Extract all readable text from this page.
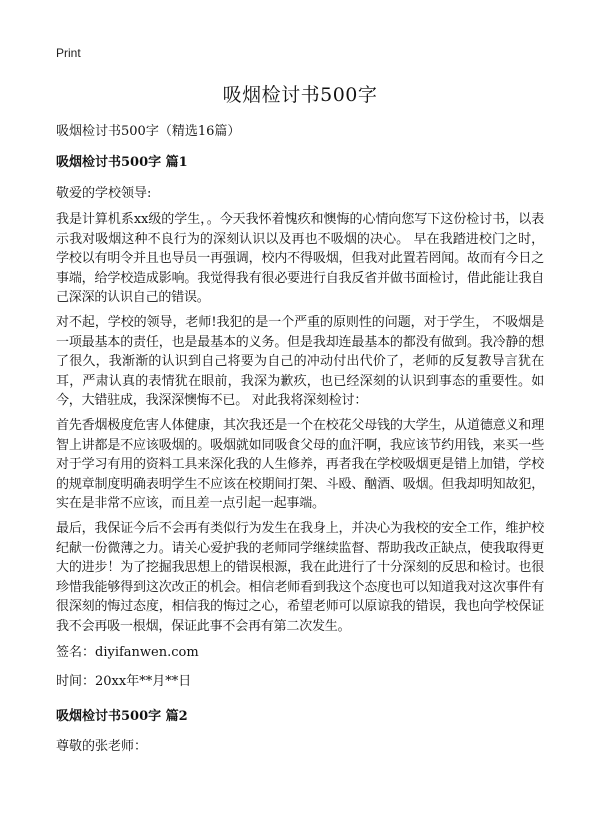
Print
吸烟检讨书500字
吸烟检讨书500字（精选16篇）
吸烟检讨书500字 篇1
敬爱的学校领导:

我是计算机系xx级的学生，。今天我怀着愧疚和懊悔的心情向您写下这份检讨书，以表示我对吸烟这种不良行为的深刻认识以及再也不吸烟的决心。 早在我踏进校门之时，学校以有明令并且也导员一再强调，校内不得吸烟，但我对此置若罔闻。故而有今日之事端，给学校造成影响。我觉得我有很必要进行自我反省并做书面检讨，借此能让我自己深深的认识自己的错误。

对不起，学校的领导，老师!我犯的是一个严重的原则性的问题，对于学生， 不吸烟是一项最基本的责任，也是最基本的义务。但是我却连最基本的都没有做到。我冷静的想了很久，我渐渐的认识到自己将要为自己的冲动付出代价了，老师的反复教导言犹在耳，严肃认真的表情犹在眼前，我深为歉疚，也已经深刻的认识到事态的重要性。如今，大错驻成，我深深懊悔不已。 对此我将深刻检讨：

首先香烟极度危害人体健康，其次我还是一个在校花父母钱的大学生，从道德意义和理智上讲都是不应该吸烟的。吸烟就如同吸食父母的血汗啊，我应该节约用钱，来买一些对于学习有用的资料工具来深化我的人生修养，再者我在学校吸烟更是错上加错，学校的规章制度明确表明学生不应该在校期间打架、斗殴、酗酒、吸烟。但我却明知故犯，实在是非常不应该，而且差一点引起一起事端。

最后，我保证今后不会再有类似行为发生在我身上，并决心为我校的安全工作，维护校纪献一份微薄之力。请关心爱护我的老师同学继续监督、帮助我改正缺点，使我取得更大的进步！为了挖掘我思想上的错误根源，我在此进行了十分深刻的反思和检讨。也很珍惜我能够得到这次改正的机会。相信老师看到我这个态度也可以知道我对这次事件有很深刻的悔过态度，相信我的悔过之心，希望老师可以原谅我的错误，我也向学校保证我不会再吸一根烟，保证此事不会再有第二次发生。

签名：diyifanwen.com
时间：20xx年**月**日
吸烟检讨书500字 篇2
尊敬的张老师：
